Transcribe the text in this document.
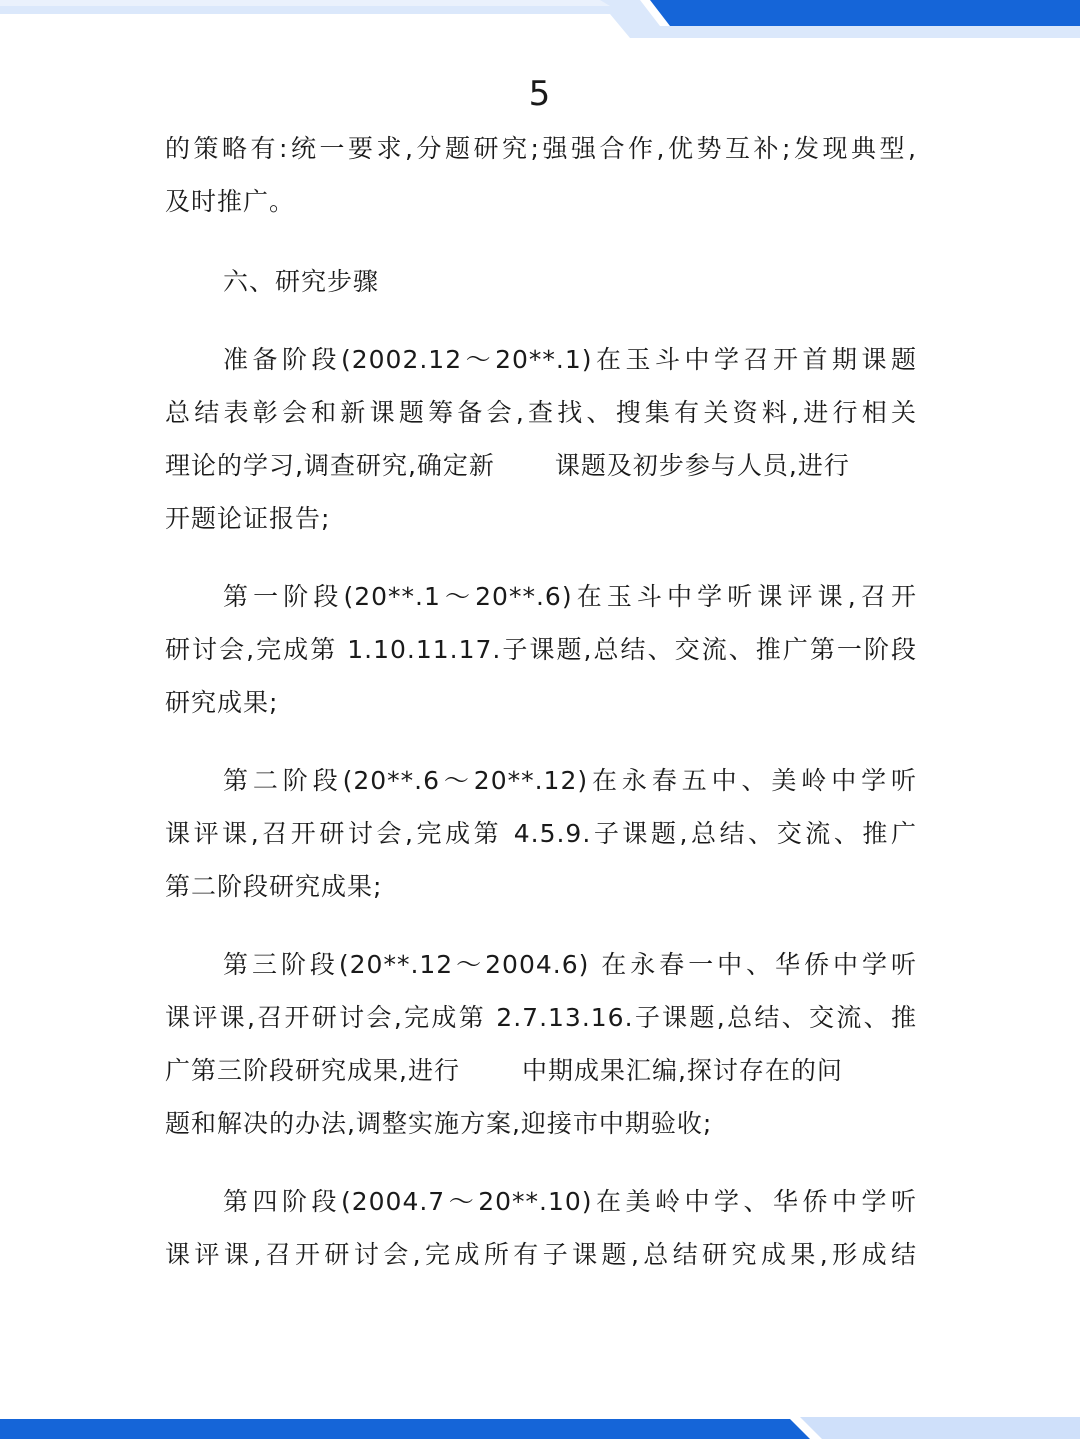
5
的策略有:统一要求,分题研究;强强合作,优势互补;发现典型,
及时推广。
六、研究步骤
准备阶段(2002.12～20**.1)在玉斗中学召开首期课题
总结表彰会和新课题筹备会,查找、搜集有关资料,进行相关
理论的学习,调查研究,确定新 课题及初步参与人员,进行
开题论证报告;
第一阶段(20**.1～20**.6)在玉斗中学听课评课,召开
研讨会,完成第 1.10.11.17.子课题,总结、交流、推广第一阶段
研究成果;
第二阶段(20**.6～20**.12)在永春五中、美岭中学听
课评课,召开研讨会,完成第 4.5.9.子课题,总结、交流、推广
第二阶段研究成果;
第三阶段(20**.12～2004.6) 在永春一中、华侨中学听
课评课,召开研讨会,完成第 2.7.13.16.子课题,总结、交流、推
广第三阶段研究成果,进行 中期成果汇编,探讨存在的问
题和解决的办法,调整实施方案,迎接市中期验收;
第四阶段(2004.7～20**.10)在美岭中学、华侨中学听
课评课,召开研讨会,完成所有子课题,总结研究成果,形成结
